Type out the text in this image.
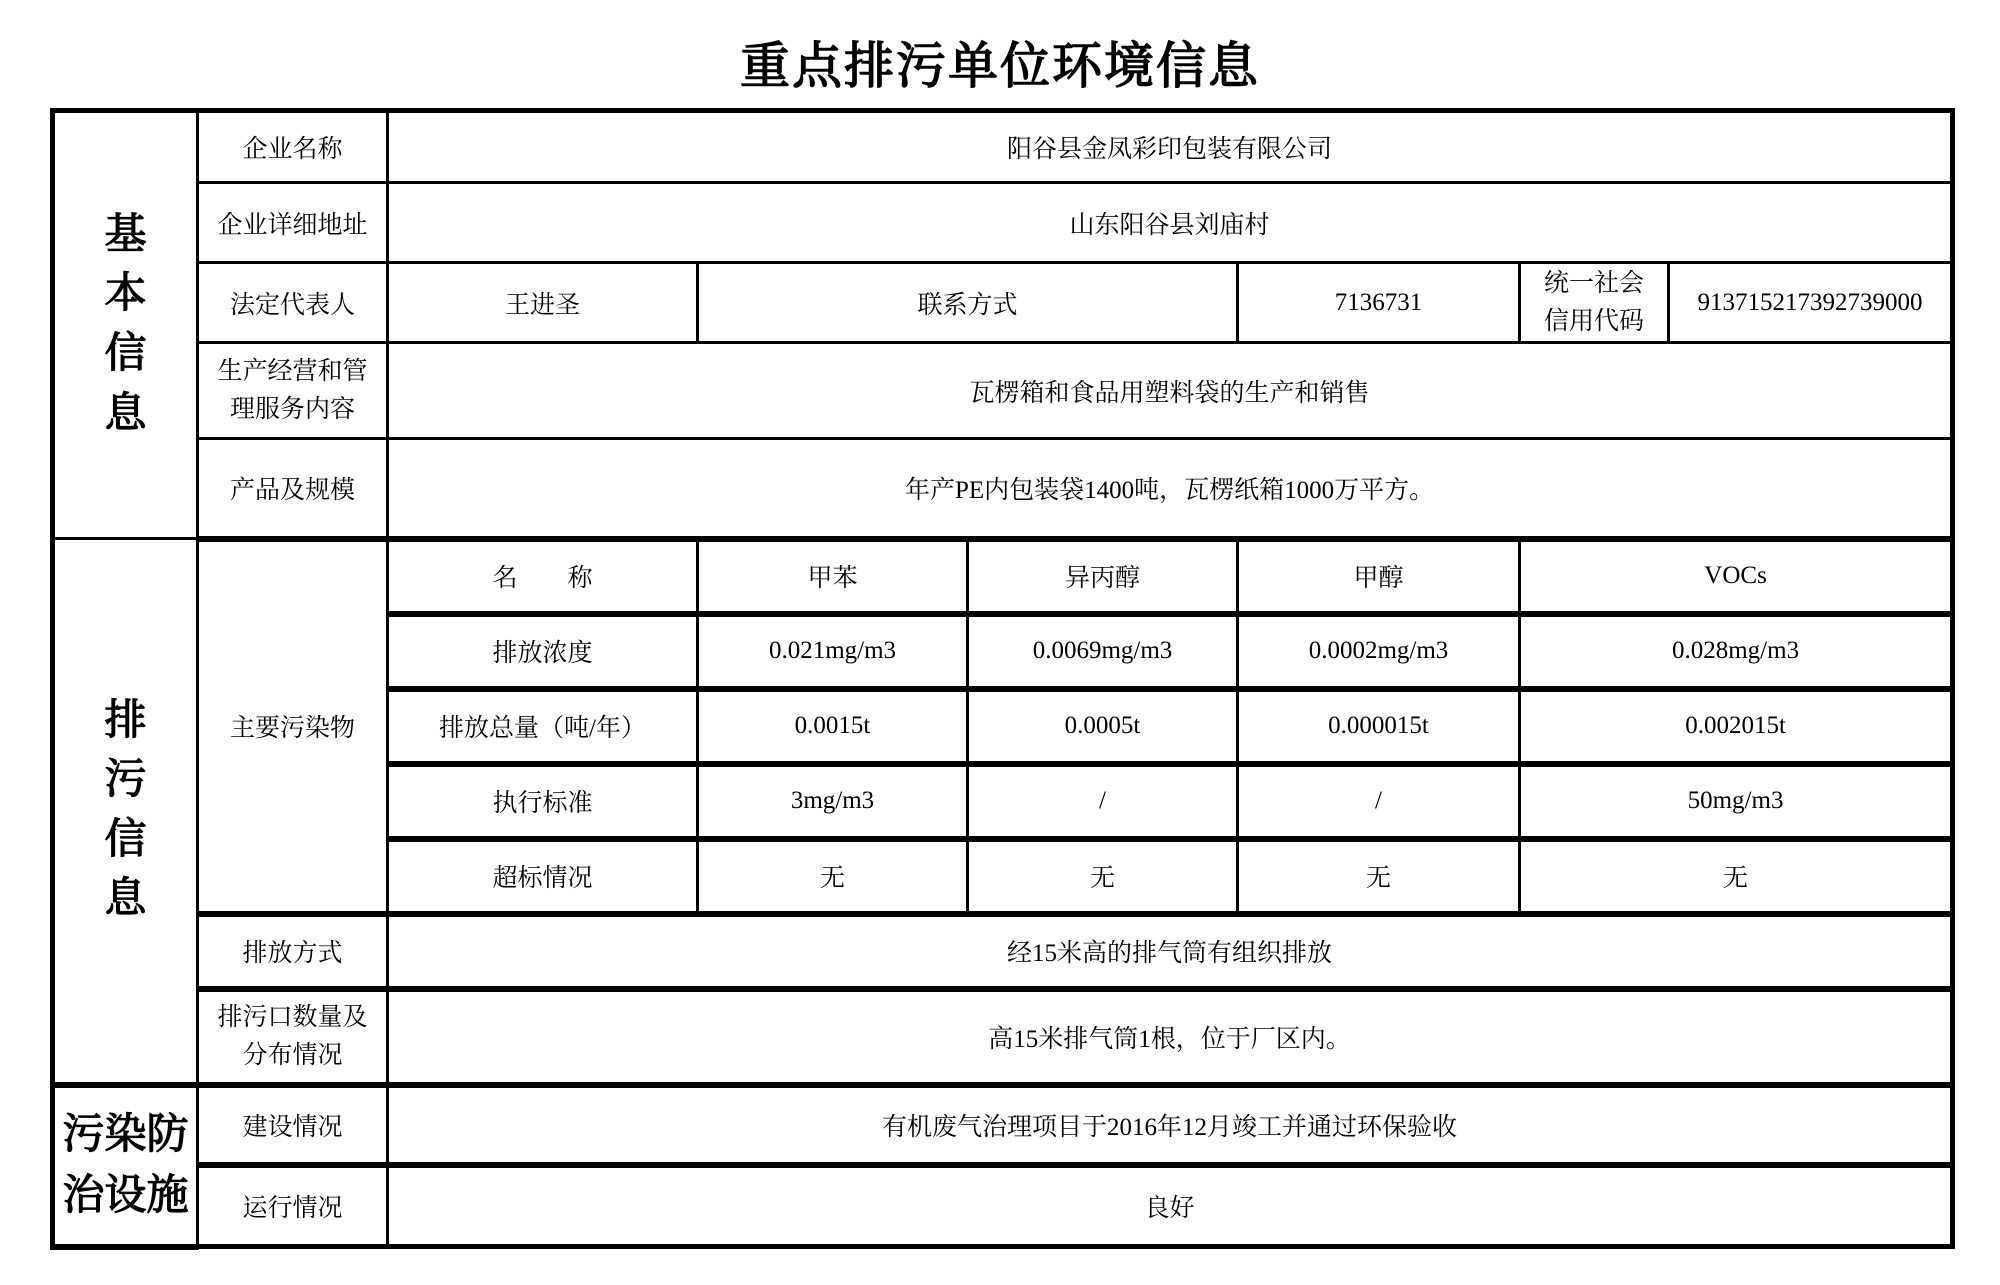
重点排污单位环境信息
基本信息	企业名称	阳谷县金凤彩印包装有限公司					
	企业详细地址	山东阳谷县刘庙村					
	法定代表人	王进圣	联系方式		7136731	统一社会信用代码	913715217392739000
	生产经营和管理服务内容	瓦楞箱和食品用塑料袋的生产和销售					
	产品及规模	年产PE内包装袋1400吨，瓦楞纸箱1000万平方。					
排污信息	主要污染物	名　　称	甲苯	异丙醇	甲醇	VOCs	
		排放浓度	0.021mg/m3	0.0069mg/m3	0.0002mg/m3	0.028mg/m3	
		排放总量（吨/年）	0.0015t	0.0005t	0.000015t	0.002015t	
		执行标准	3mg/m3	/	/	50mg/m3	
		超标情况	无	无	无	无	
	排放方式	经15米高的排气筒有组织排放					
	排污口数量及分布情况	高15米排气筒1根，位于厂区内。					
污染防治设施	建设情况	有机废气治理项目于2016年12月竣工并通过环保验收					
	运行情况	良好					
